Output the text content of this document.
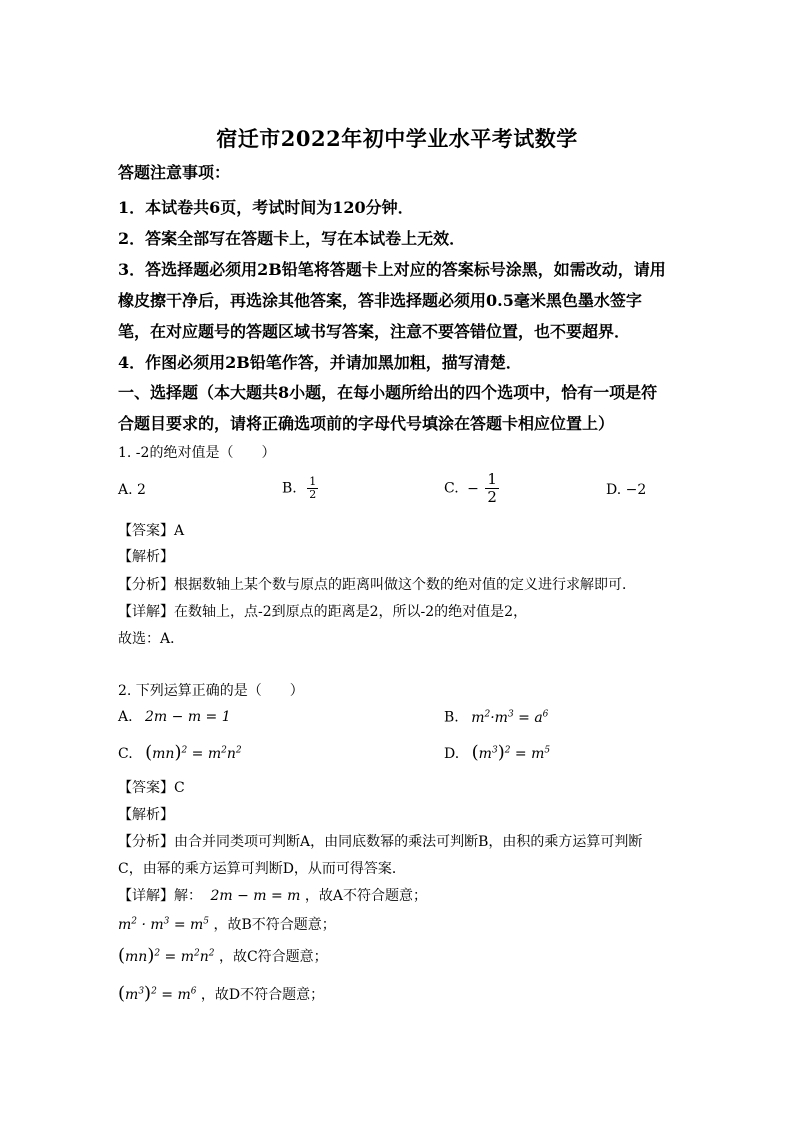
宿迁市2022年初中学业水平考试数学
答题注意事项：
1．本试卷共6页，考试时间为120分钟．
2．答案全部写在答题卡上，写在本试卷上无效．
3．答选择题必须用2B铅笔将答题卡上对应的答案标号涂黑，如需改动，请用
橡皮擦干净后，再选涂其他答案，答非选择题必须用0.5毫米黑色墨水签字
笔，在对应题号的答题区域书写答案，注意不要答错位置，也不要超界．
4．作图必须用2B铅笔作答，并请加黑加粗，描写清楚．
一、选择题（本大题共8小题，在每小题所给出的四个选项中，恰有一项是符
合题目要求的，请将正确选项前的字母代号填涂在答题卡相应位置上）
1. -2的绝对值是（　　）
A. 2	B. $\frac{1}{2}$	C. − $\frac{1}{2}$	D. −2
【答案】A
【解析】
【分析】根据数轴上某个数与原点的距离叫做这个数的绝对值的定义进行求解即可．
【详解】在数轴上，点-2到原点的距离是2，所以-2的绝对值是2，
故选：A．
2. 下列运算正确的是（　　）
A. 2m − m = 1	B. $m^2\cdot m^3 = a^6$
C. $(mn)^2 = m^2n^2$	D. $(m^3)^2 = m^5$
【答案】C
【解析】
【分析】由合并同类项可判断A，由同底数幂的乘法可判断B，由积的乘方运算可判断
C，由幂的乘方运算可判断D，从而可得答案．
【详解】解： 2m − m = m ，故A不符合题意；
$m^2 \cdot m^3 = m^5$ ，故B不符合题意；
$(mn)^2 = m^2n^2$ ，故C符合题意；
$(m^3)^2 = m^6$ ，故D不符合题意；
